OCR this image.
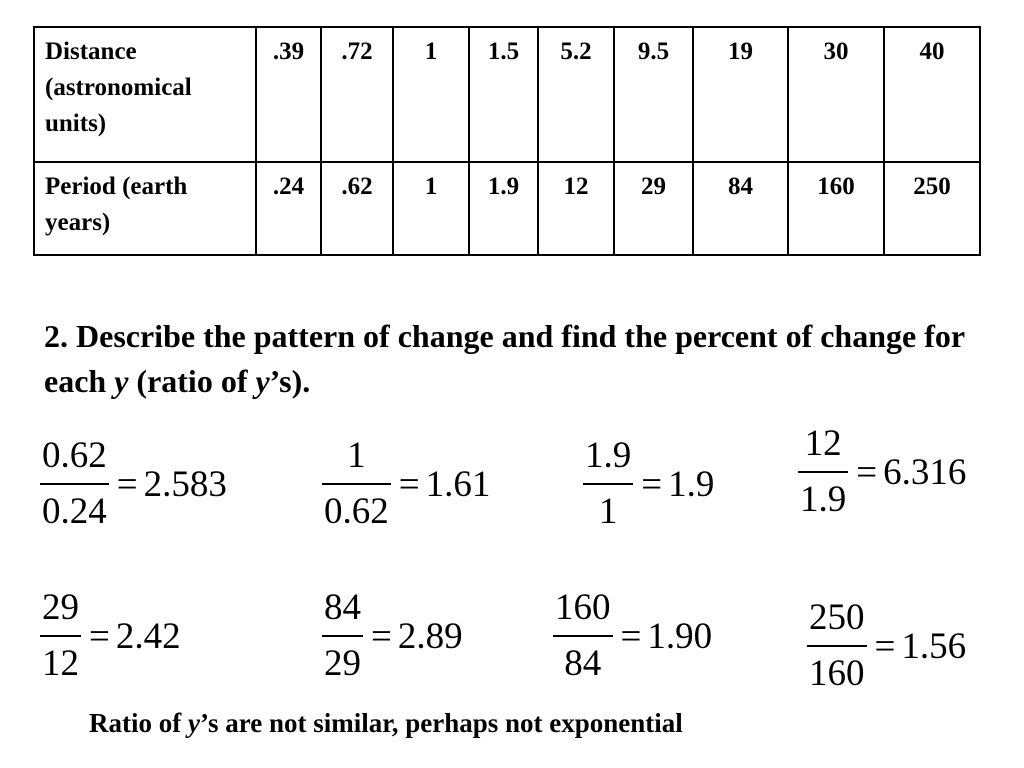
Distance (astronomical units)	.39	.72	1	1.5	5.2	9.5	19	30	40
Period (earth years)	.24	.62	1	1.9	12	29	84	160	250
2. Describe the pattern of change and find the percent of change for each y (ratio of y’s).
$\frac{0.62}{0.24} = 2.583$	$\frac{1}{0.62} = 1.61$	$\frac{1.9}{1} = 1.9 \frac{12}{1.9} = 6.316$
$\frac{29}{12} = 2.42$	$\frac{84}{29} = 2.89 \frac{160}{84} = 1.90$	$\frac{250}{160} = 1.56$
Ratio of y’s are not similar, perhaps not exponential
